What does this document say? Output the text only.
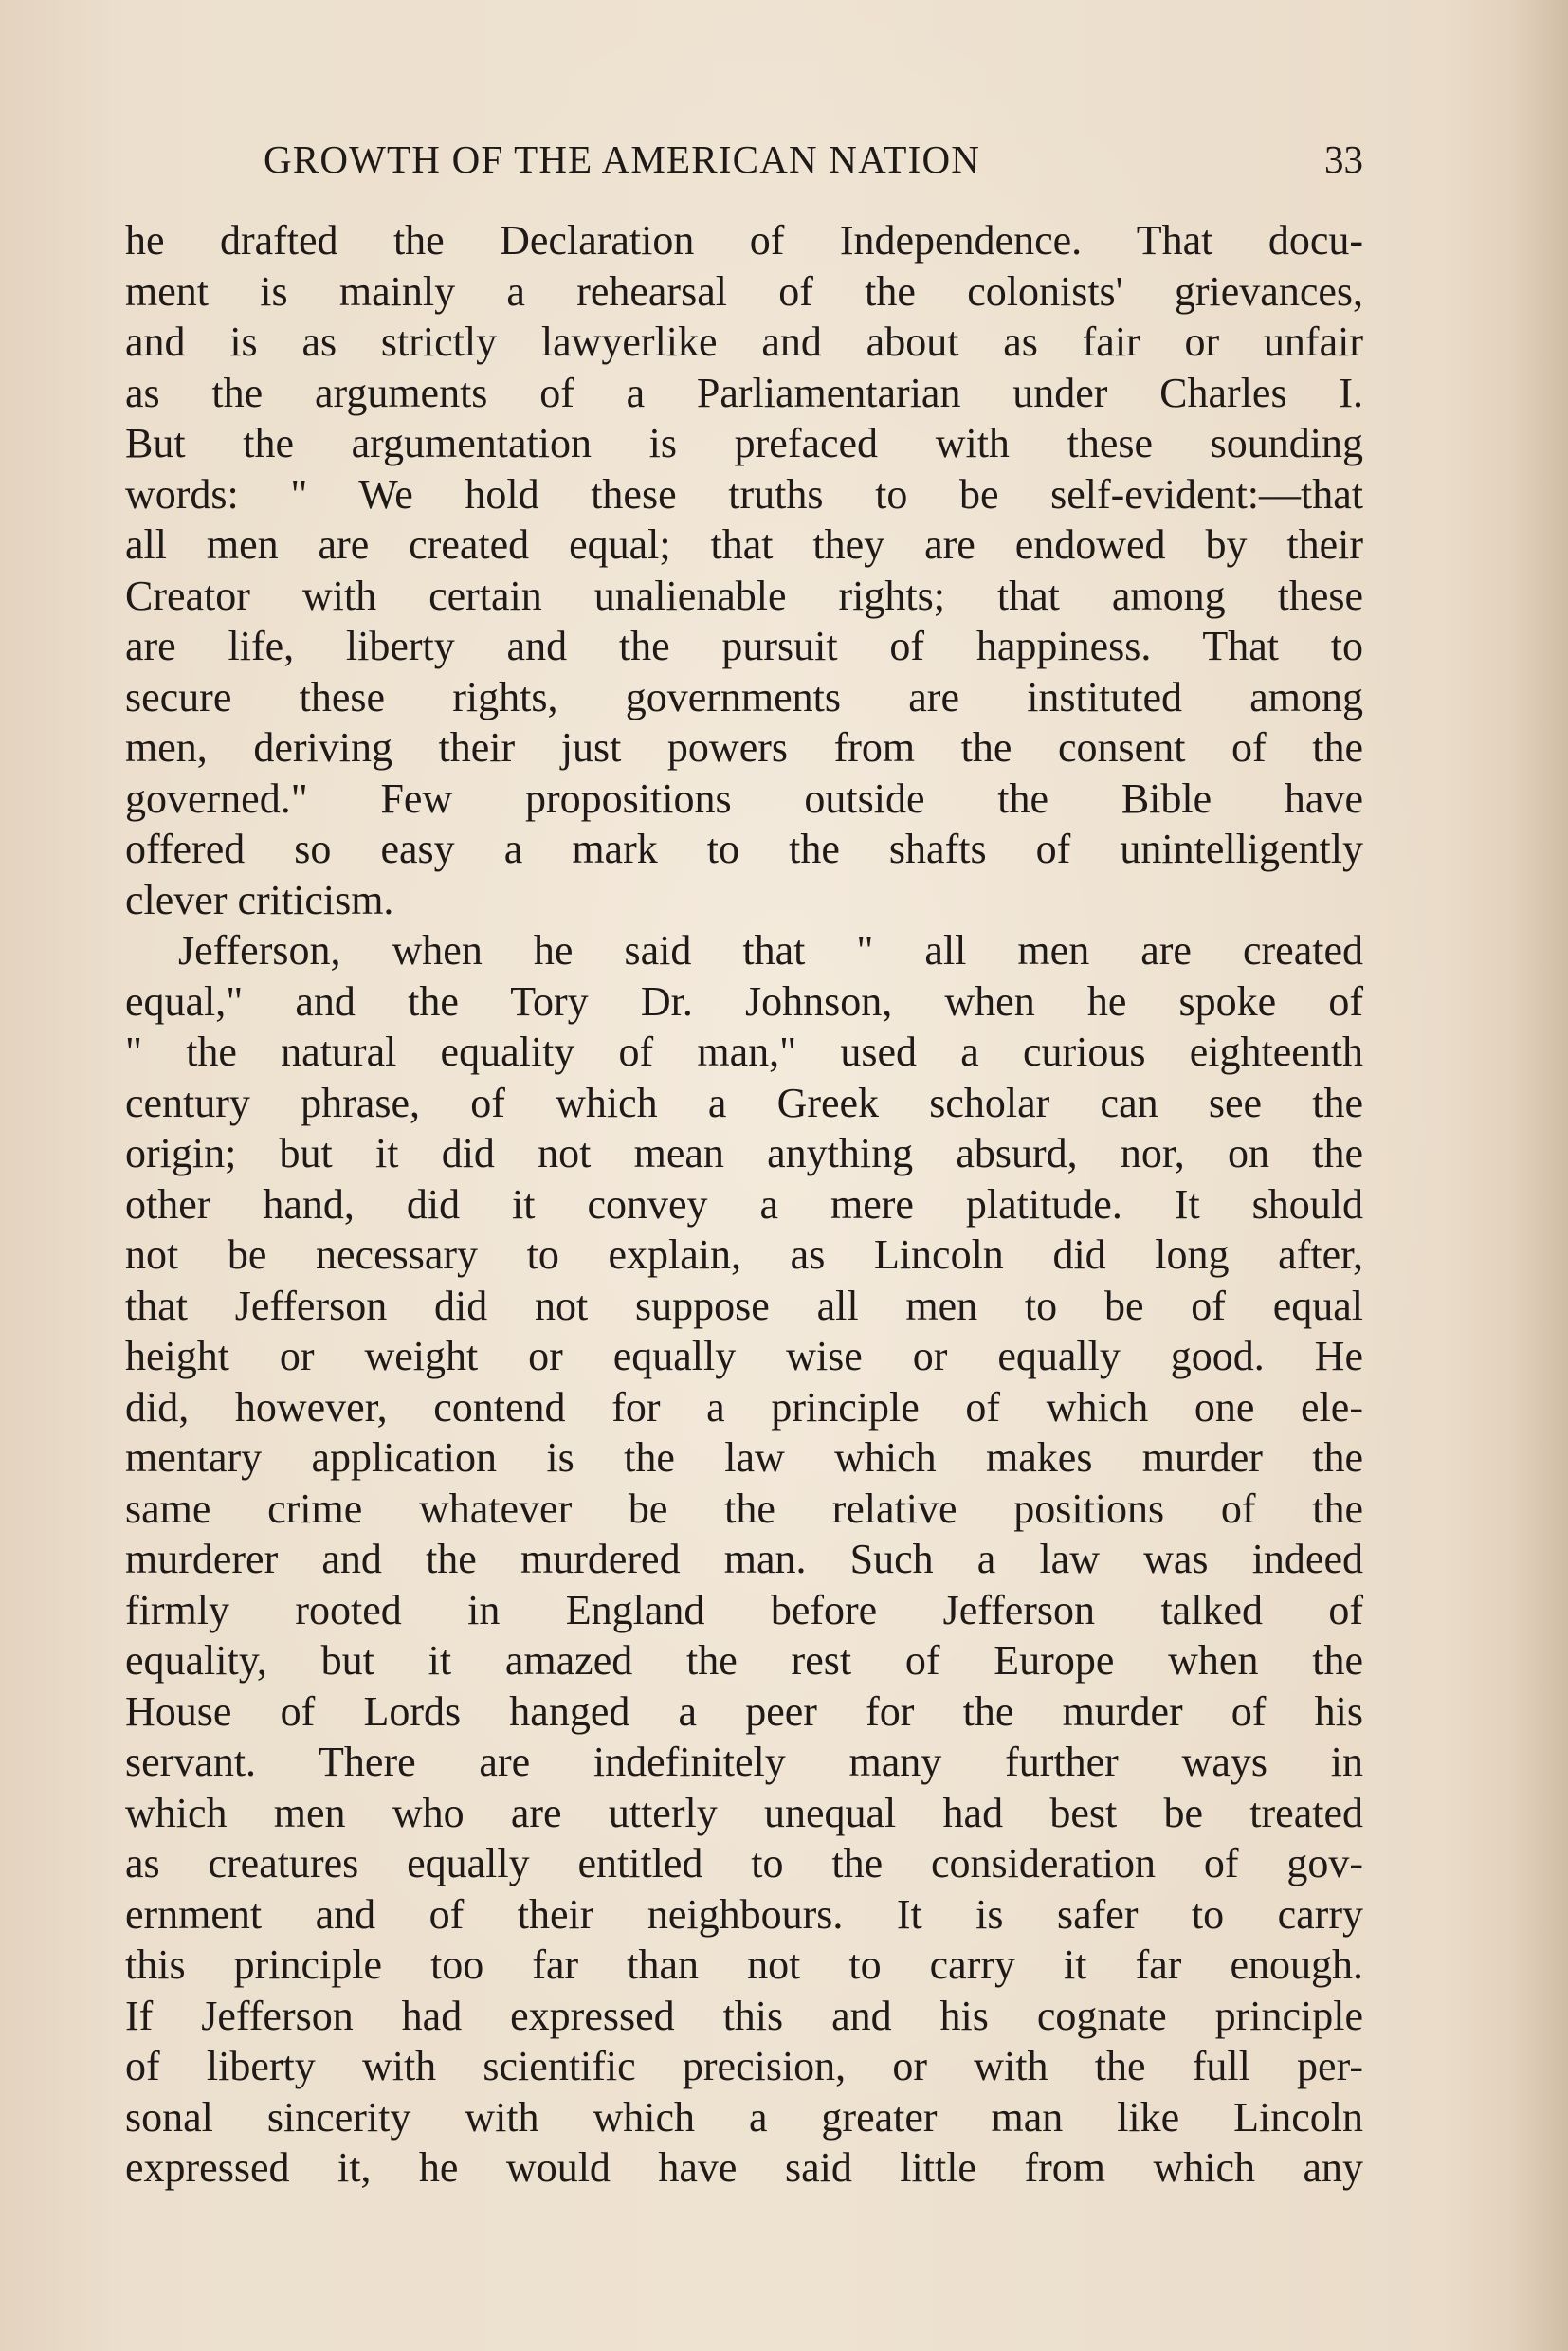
GROWTH OF THE AMERICAN NATION	33
he drafted the Declaration of Independence. That docu-
ment is mainly a rehearsal of the colonists' grievances,
and is as strictly lawyerlike and about as fair or unfair
as the arguments of a Parliamentarian under Charles I.
But the argumentation is prefaced with these sounding
words: " We hold these truths to be self-evident:—that
all men are created equal; that they are endowed by their
Creator with certain unalienable rights; that among these
are life, liberty and the pursuit of happiness. That to
secure these rights, governments are instituted among
men, deriving their just powers from the consent of the
governed." Few propositions outside the Bible have
offered so easy a mark to the shafts of unintelligently
clever criticism.
Jefferson, when he said that " all men are created
equal," and the Tory Dr. Johnson, when he spoke of
" the natural equality of man," used a curious eighteenth
century phrase, of which a Greek scholar can see the
origin; but it did not mean anything absurd, nor, on the
other hand, did it convey a mere platitude. It should
not be necessary to explain, as Lincoln did long after,
that Jefferson did not suppose all men to be of equal
height or weight or equally wise or equally good. He
did, however, contend for a principle of which one ele-
mentary application is the law which makes murder the
same crime whatever be the relative positions of the
murderer and the murdered man. Such a law was indeed
firmly rooted in England before Jefferson talked of
equality, but it amazed the rest of Europe when the
House of Lords hanged a peer for the murder of his
servant. There are indefinitely many further ways in
which men who are utterly unequal had best be treated
as creatures equally entitled to the consideration of gov-
ernment and of their neighbours. It is safer to carry
this principle too far than not to carry it far enough.
If Jefferson had expressed this and his cognate principle
of liberty with scientific precision, or with the full per-
sonal sincerity with which a greater man like Lincoln
expressed it, he would have said little from which any
